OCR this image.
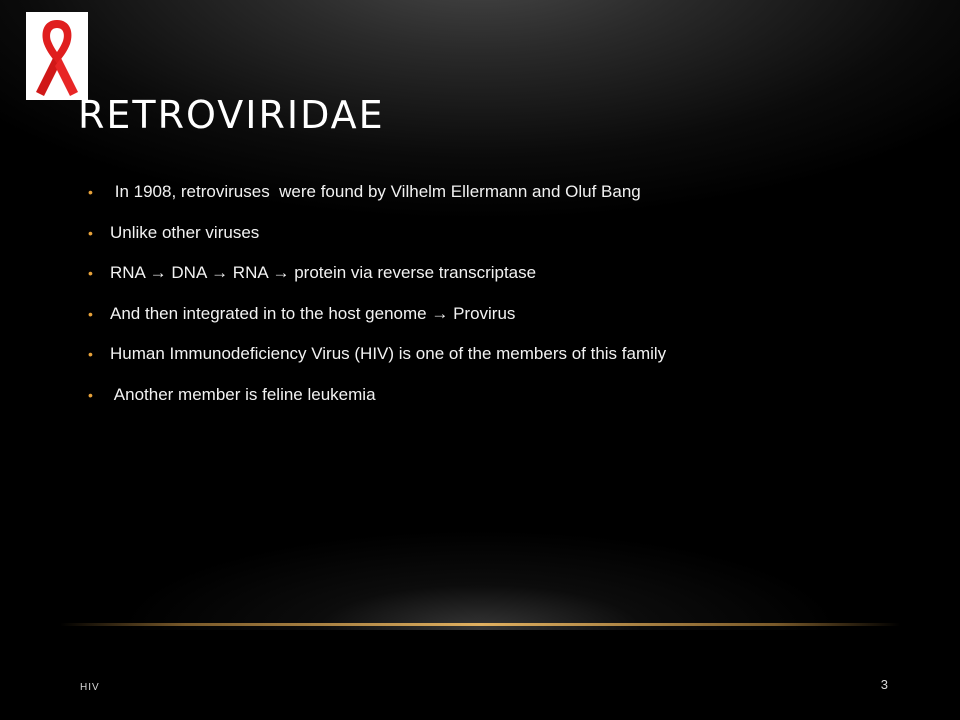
RETROVIRIDAE
• In 1908, retroviruses  were found by Vilhelm Ellermann and Oluf Bang
• Unlike other viruses
• RNA → DNA → RNA → protein via reverse transcriptase
• And then integrated in to the host genome → Provirus
• Human Immunodeficiency Virus (HIV) is one of the members of this family
• Another member is feline leukemia
HIV	3
